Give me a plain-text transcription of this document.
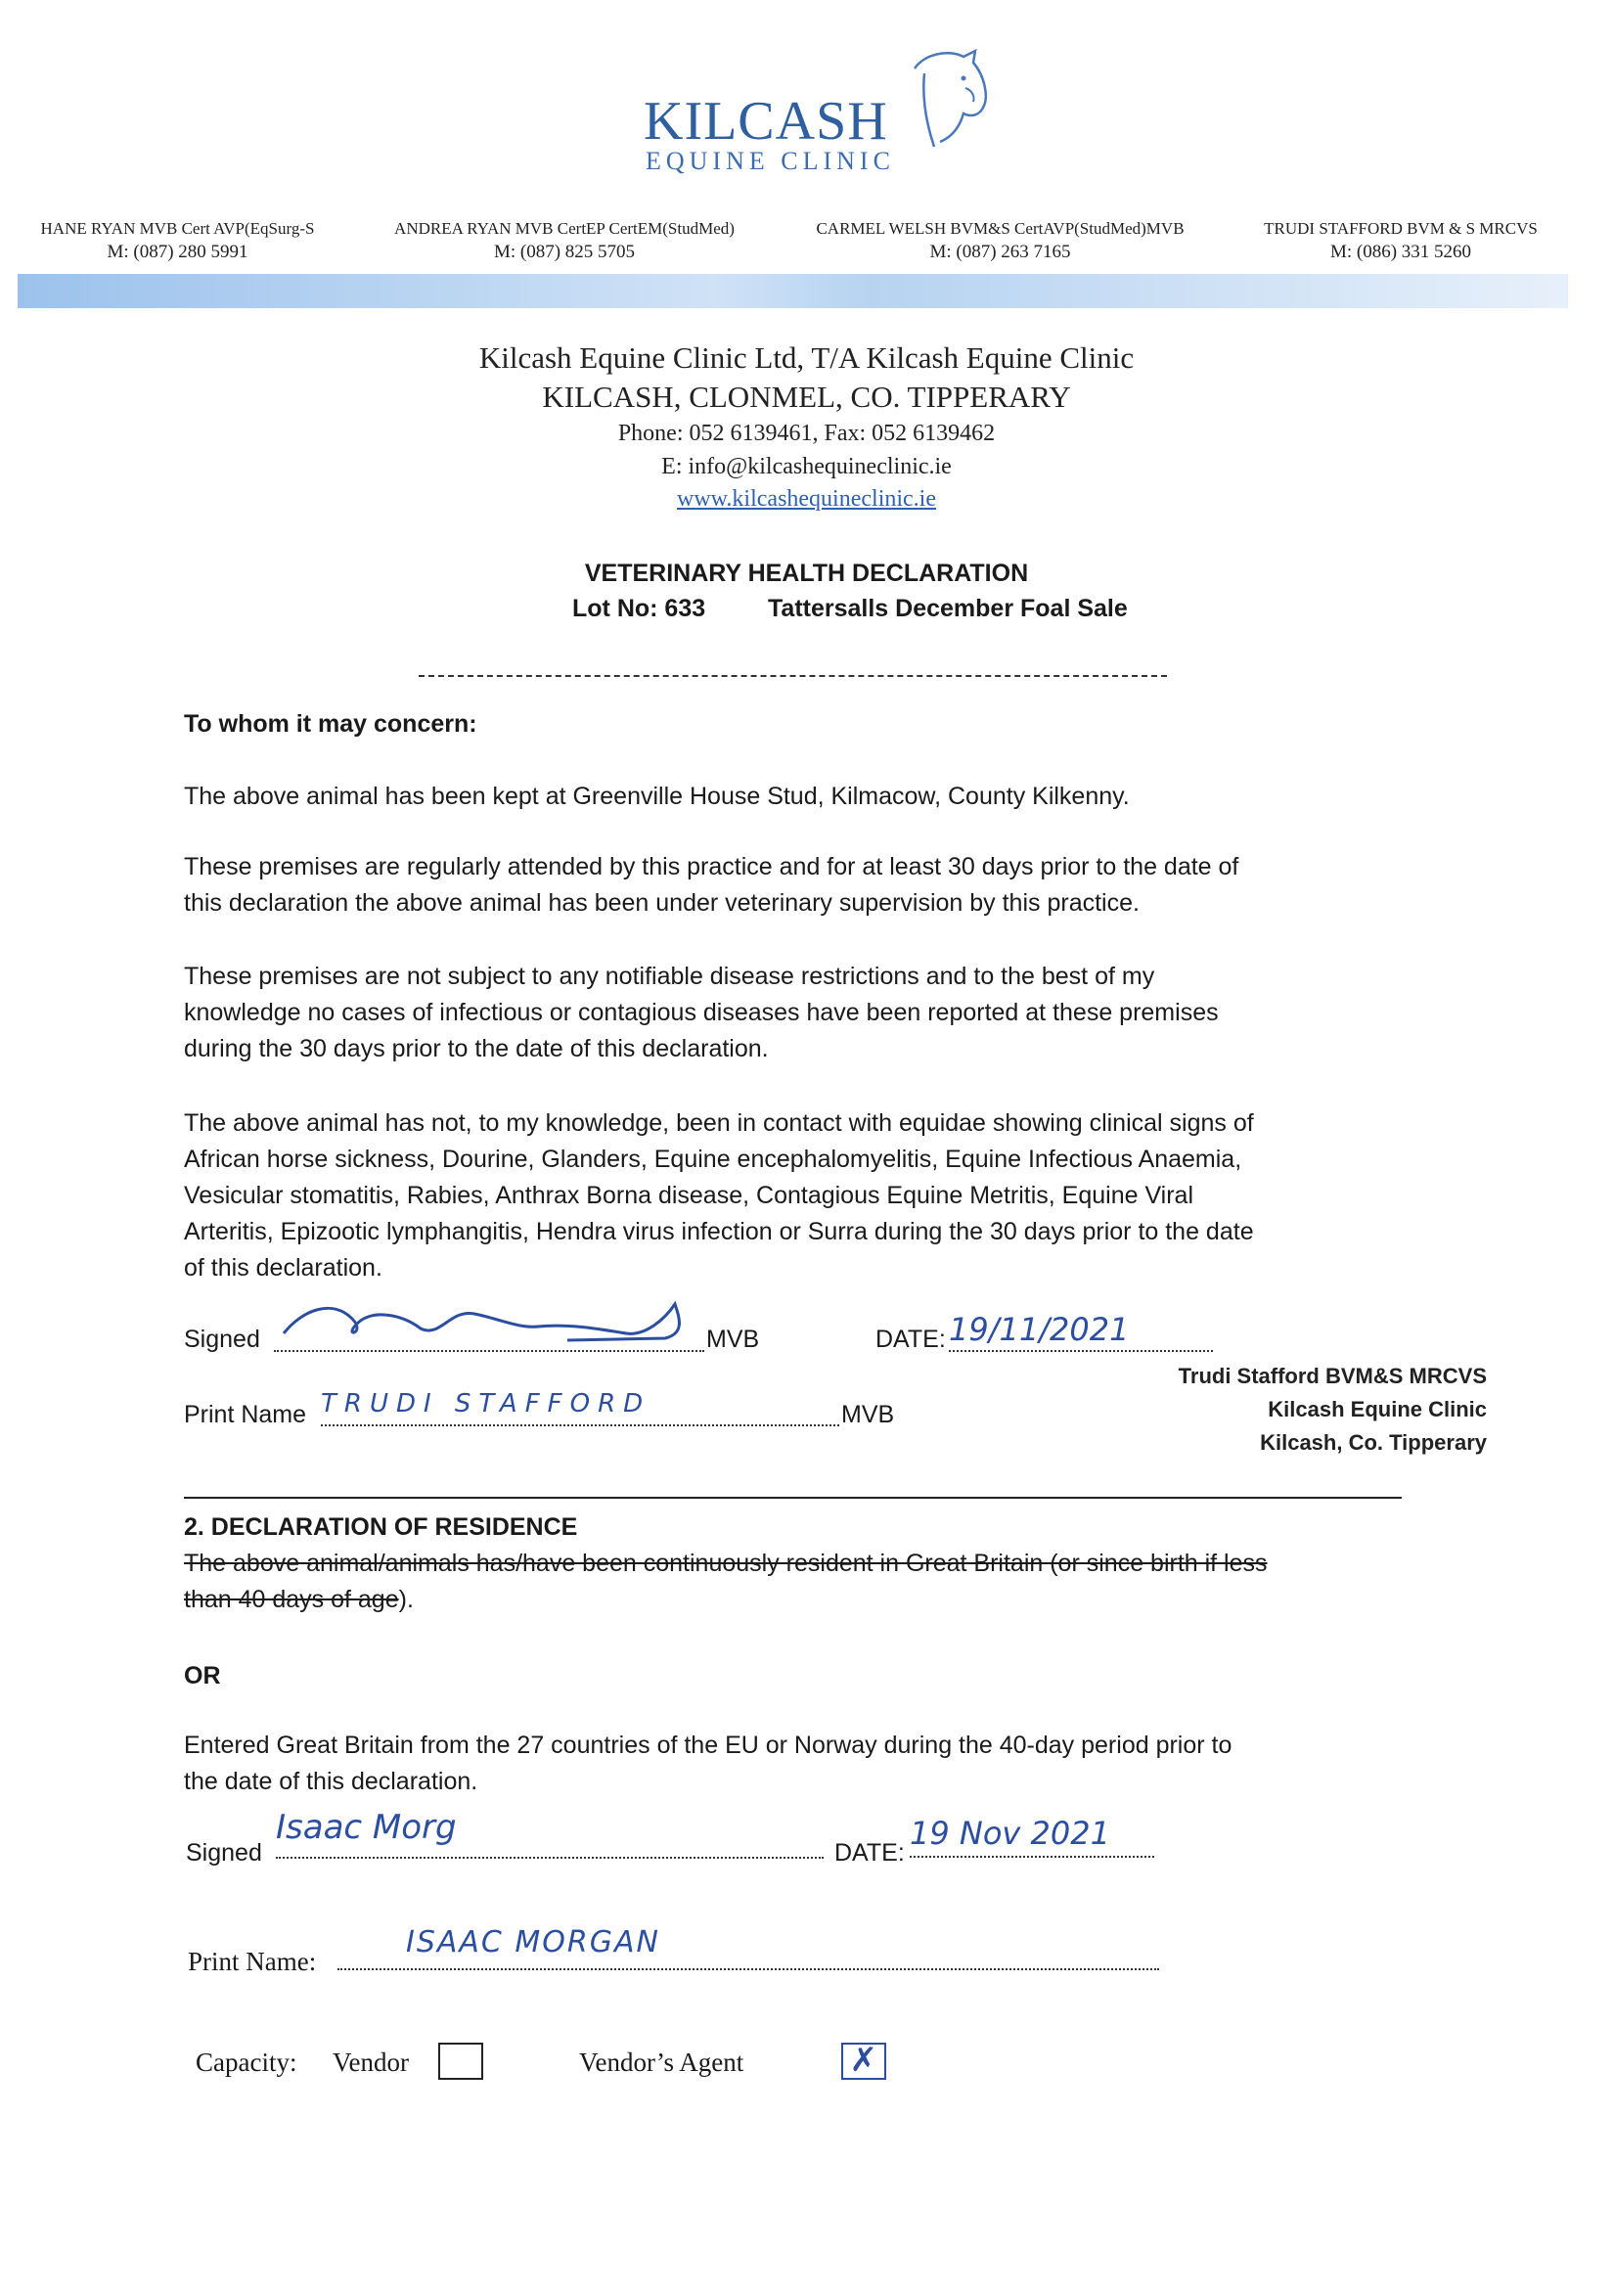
KILCASH
EQUINE CLINIC
HANE RYAN MVB Cert AVP(EqSurg-S
M: (087) 280 5991
ANDREA RYAN MVB CertEP CertEM(StudMed)
M: (087) 825 5705
CARMEL WELSH BVM&S CertAVP(StudMed)MVB
M: (087) 263 7165
TRUDI STAFFORD BVM & S MRCVS
M: (086) 331 5260
Kilcash Equine Clinic Ltd, T/A Kilcash Equine Clinic
KILCASH, CLONMEL, CO. TIPPERARY
Phone: 052 6139461, Fax: 052 6139462
E: info@kilcashequineclinic.ie
www.kilcashequineclinic.ie
VETERINARY HEALTH DECLARATION
Lot No: 633	Tattersalls December Foal Sale
To whom it may concern:
The above animal has been kept at Greenville House Stud, Kilmacow, County Kilkenny.
These premises are regularly attended by this practice and for at least 30 days prior to the date of
this declaration the above animal has been under veterinary supervision by this practice.
These premises are not subject to any notifiable disease restrictions and to the best of my
knowledge no cases of infectious or contagious diseases have been reported at these premises
during the 30 days prior to the date of this declaration.
The above animal has not, to my knowledge, been in contact with equidae showing clinical signs of
African horse sickness, Dourine, Glanders, Equine encephalomyelitis, Equine Infectious Anaemia,
Vesicular stomatitis, Rabies, Anthrax Borna disease, Contagious Equine Metritis, Equine Viral
Arteritis, Epizootic lymphangitis, Hendra virus infection or Surra during the 30 days prior to the date
of this declaration.
Signed	MVB	DATE: 19/11/2021
Trudi Stafford BVM&S MRCVS
Kilcash Equine Clinic
Kilcash, Co. Tipperary
Print Name TRUDI STAFFORD	MVB
2. DECLARATION OF RESIDENCE
The above animal/animals has/have been continuously resident in Great Britain (or since birth if less
than 40 days of age).
OR
Entered Great Britain from the 27 countries of the EU or Norway during the 40-day period prior to
the date of this declaration.
Signed
Isaac Morg
DATE:
19 Nov 2021
Print Name:
ISAAC MORGAN
Capacity: Vendor
	Vendor’s Agent	✗
